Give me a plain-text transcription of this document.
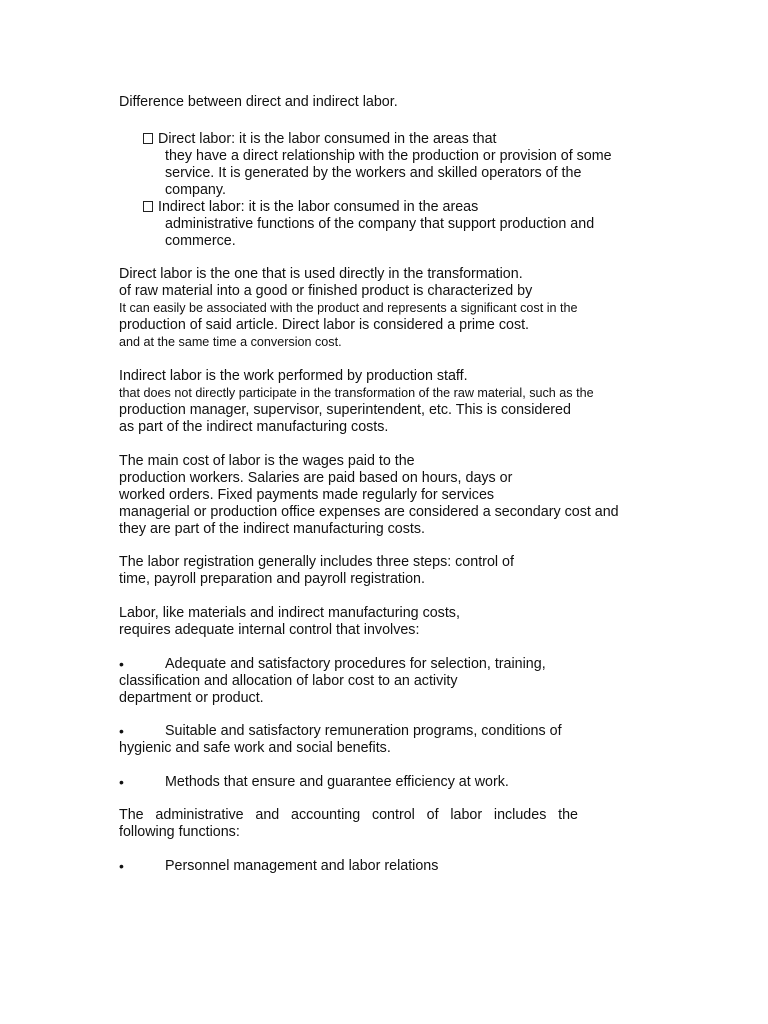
Difference between direct and indirect labor.
Direct labor: it is the labor consumed in the areas that
they have a direct relationship with the production or provision of some
service. It is generated by the workers and skilled operators of the
company.
Indirect labor: it is the labor consumed in the areas
administrative functions of the company that support production and
commerce.
Direct labor is the one that is used directly in the transformation.
of raw material into a good or finished product is characterized by
It can easily be associated with the product and represents a significant cost in the
production of said article. Direct labor is considered a prime cost.
and at the same time a conversion cost.
Indirect labor is the work performed by production staff.
that does not directly participate in the transformation of the raw material, such as the
production manager, supervisor, superintendent, etc. This is considered
as part of the indirect manufacturing costs.
The main cost of labor is the wages paid to the
production workers. Salaries are paid based on hours, days or
worked orders. Fixed payments made regularly for services
managerial or production office expenses are considered a secondary cost and
they are part of the indirect manufacturing costs.
The labor registration generally includes three steps: control of
time, payroll preparation and payroll registration.
Labor, like materials and indirect manufacturing costs,
requires adequate internal control that involves:
•	Adequate and satisfactory procedures for selection, training,
classification and allocation of labor cost to an activity
department or product.
•	Suitable and satisfactory remuneration programs, conditions of
hygienic and safe work and social benefits.
•	Methods that ensure and guarantee efficiency at work.
The administrative and accounting control of labor includes the
following functions:
•	Personnel management and labor relations
